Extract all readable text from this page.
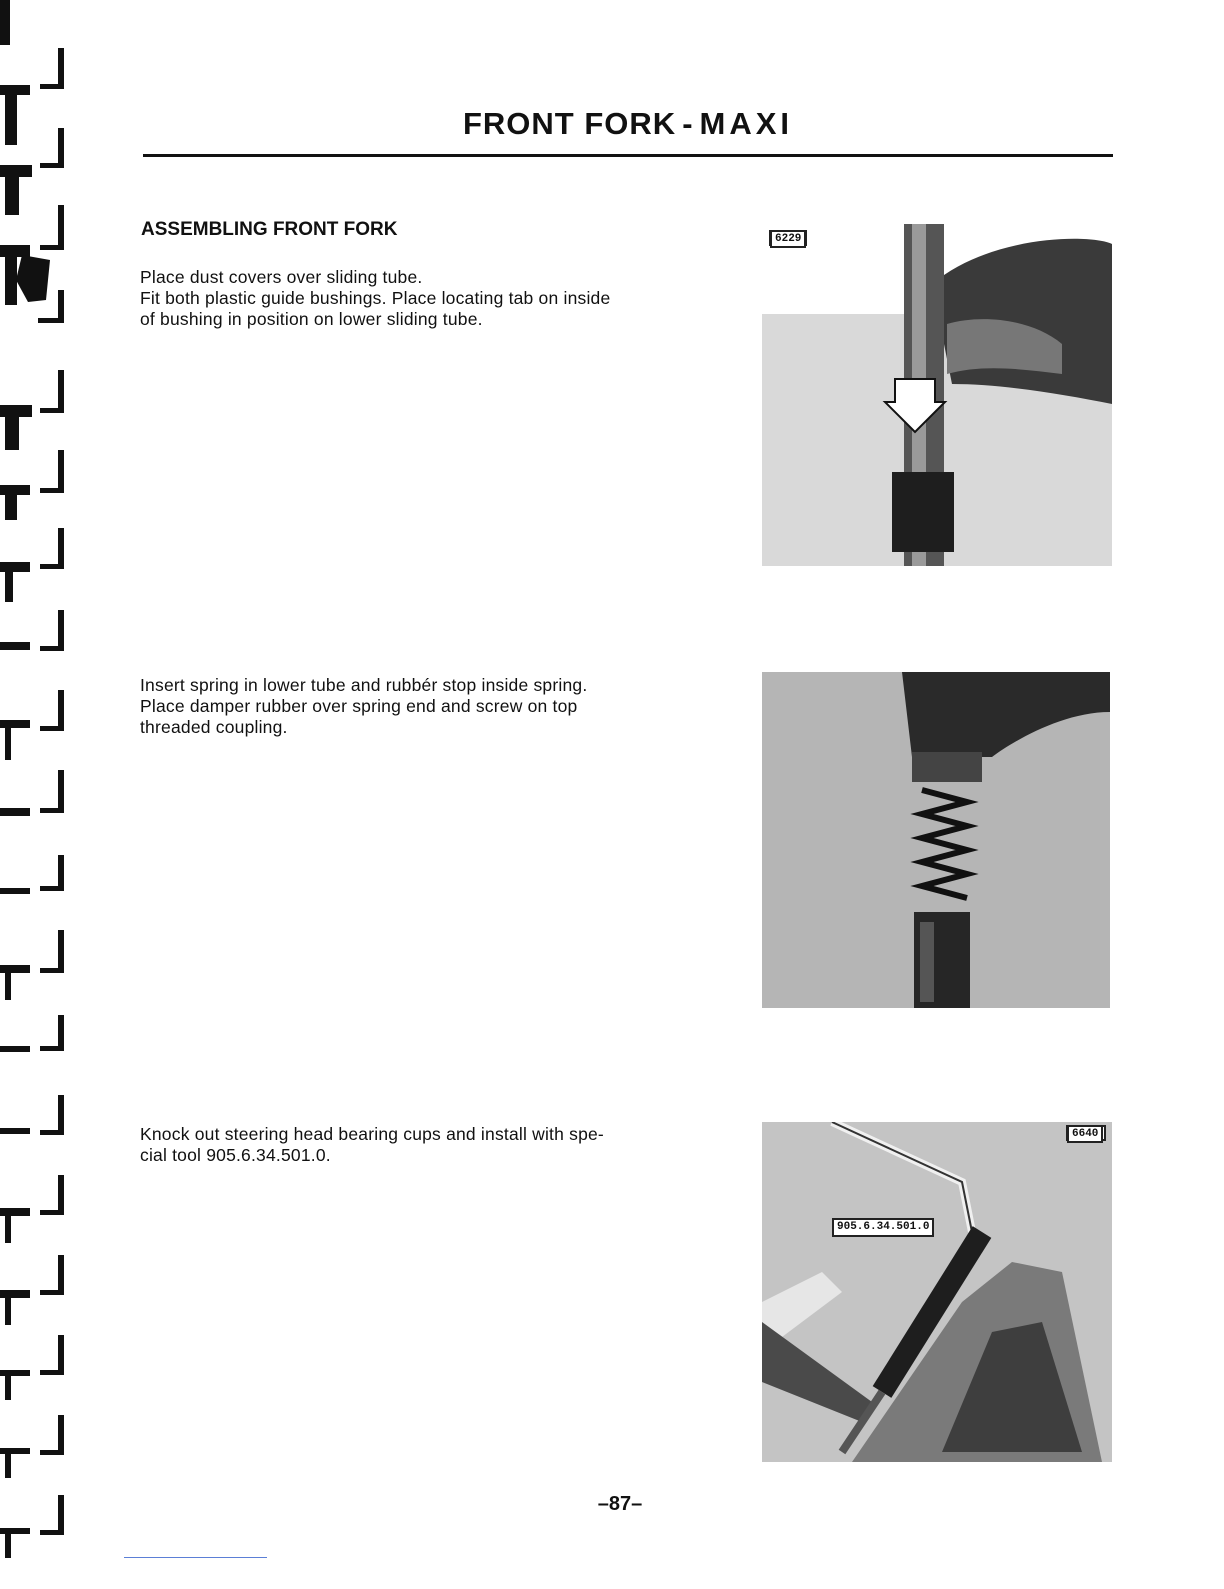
FRONT FORK - MAXI
ASSEMBLING FRONT FORK
Place dust covers over sliding tube.
Fit both plastic guide bushings. Place locating tab on inside
of bushing in position on lower sliding tube.
6229
Insert spring in lower tube and rubbér stop inside spring.
Place damper rubber over spring end and screw on top
threaded coupling.
Knock out steering head bearing cups and install with spe-
cial tool 905.6.34.501.0.
6640
905.6.34.501.0

–87–
